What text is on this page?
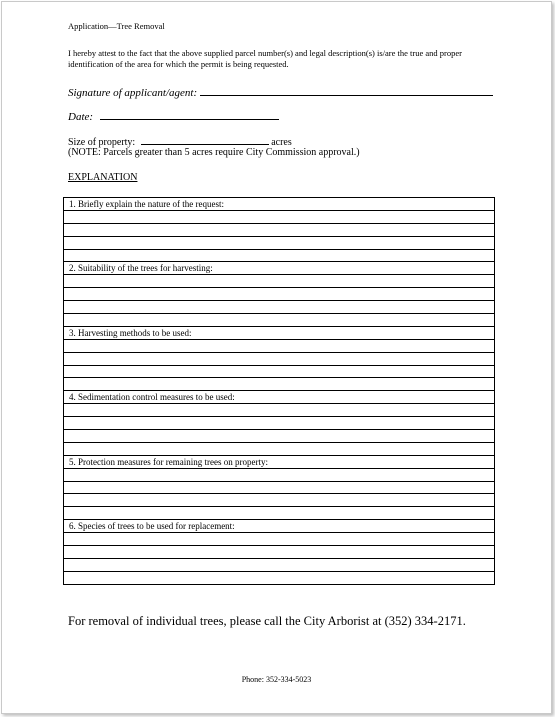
Application—Tree Removal
I hereby attest to the fact that the above supplied parcel number(s) and legal description(s) is/are the true and proper identification of the area for which the permit is being requested.
Signature of applicant/agent:
Date:
Size of property:	acres
(NOTE: Parcels greater than 5 acres require City Commission approval.)
EXPLANATION
1. Briefly explain the nature of the request:

2. Suitability of the trees for harvesting:

3. Harvesting methods to be used:

4. Sedimentation control measures to be used:

5. Protection measures for remaining trees on property:

6. Species of trees to be used for replacement:

For removal of individual trees, please call the City Arborist at (352) 334-2171.
Phone: 352-334-5023
